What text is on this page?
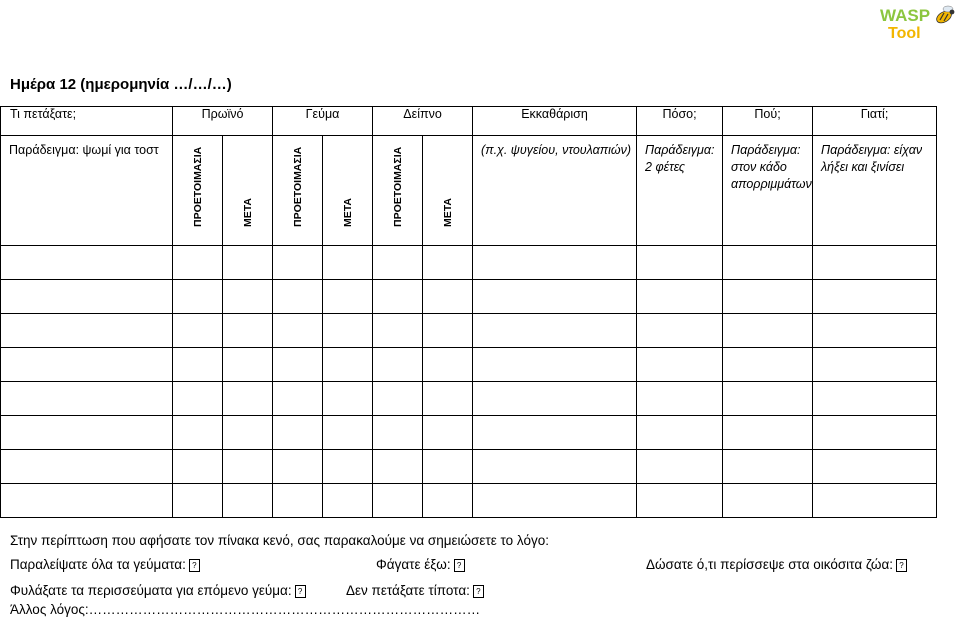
WASP
Tool
Ημέρα 12 (ημερομηνία …/…/…)
Τι πετάξατε;	Πρωϊνό		Γεύμα		Δείπνο		Εκκαθάριση	Πόσο;	Πού;	Γιατί;
Παράδειγμα: ψωμί για τοστ	ΠΡΟΕΤΟΙΜΑΣΙΑ	ΜΕΤΑ	ΠΡΟΕΤΟΙΜΑΣΙΑ	ΜΕΤΑ	ΠΡΟΕΤΟΙΜΑΣΙΑ	ΜΕΤΑ	(π.χ. ψυγείου, ντουλαπιών)	Παράδειγμα: 2 φέτες	Παράδειγμα: στον κάδο απορριμμάτων	Παράδειγμα: είχαν λήξει και ξινίσει

Στην περίπτωση που αφήσατε τον πίνακα κενό, σας παρακαλούμε να σημειώσετε το λόγο:
Παραλείψατε όλα τα γεύματα: ?	Φάγατε έξω: ?	Δώσατε ό,τι περίσσεψε στα οικόσιτα ζώα: ?
Φυλάξατε τα περισσεύματα για επόμενο γεύμα: ?	Δεν πετάξατε τίποτα: ?
Άλλος λόγος:……………………………………………………………………………
